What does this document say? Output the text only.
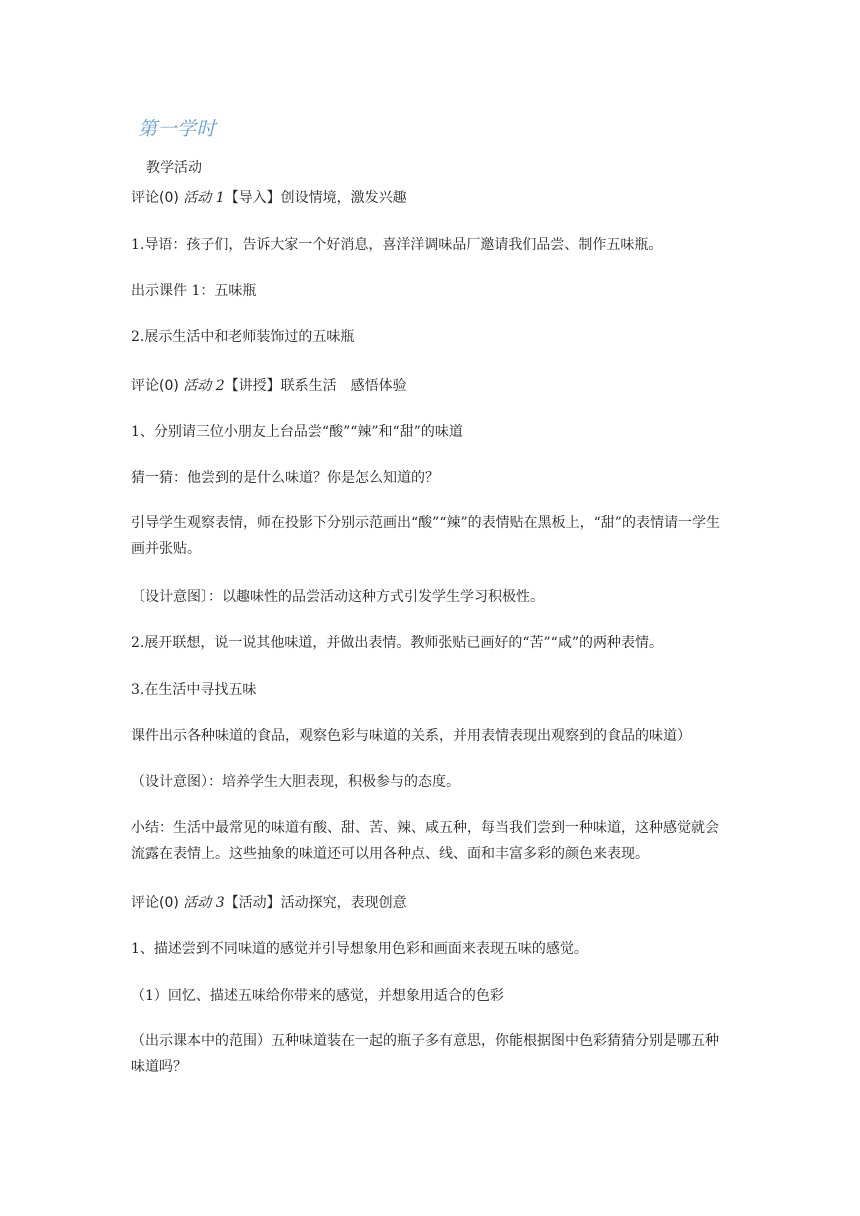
第一学时
教学活动
评论(0) 活动 1【导入】创设情境，激发兴趣
1.导语：孩子们，告诉大家一个好消息，喜洋洋调味品厂邀请我们品尝、制作五味瓶。
出示课件 1：五味瓶
2.展示生活中和老师装饰过的五味瓶
评论(0) 活动 2【讲授】联系生活　感悟体验
1、分别请三位小朋友上台品尝“酸”“辣”和“甜”的味道
猜一猜：他尝到的是什么味道？你是怎么知道的？
引导学生观察表情，师在投影下分别示范画出“酸”“辣”的表情贴在黑板上，“甜”的表情请一学生画并张贴。
〔设计意图〕：以趣味性的品尝活动这种方式引发学生学习积极性。
2.展开联想，说一说其他味道，并做出表情。教师张贴已画好的“苦”“咸”的两种表情。
3.在生活中寻找五味
课件出示各种味道的食品，观察色彩与味道的关系，并用表情表现出观察到的食品的味道）
（设计意图）：培养学生大胆表现，积极参与的态度。
小结：生活中最常见的味道有酸、甜、苦、辣、咸五种，每当我们尝到一种味道，这种感觉就会流露在表情上。这些抽象的味道还可以用各种点、线、面和丰富多彩的颜色来表现。
评论(0) 活动 3【活动】活动探究，表现创意
1、描述尝到不同味道的感觉并引导想象用色彩和画面来表现五味的感觉。
（1）回忆、描述五味给你带来的感觉，并想象用适合的色彩
（出示课本中的范围）五种味道装在一起的瓶子多有意思，你能根据图中色彩猜猜分别是哪五种味道吗？
